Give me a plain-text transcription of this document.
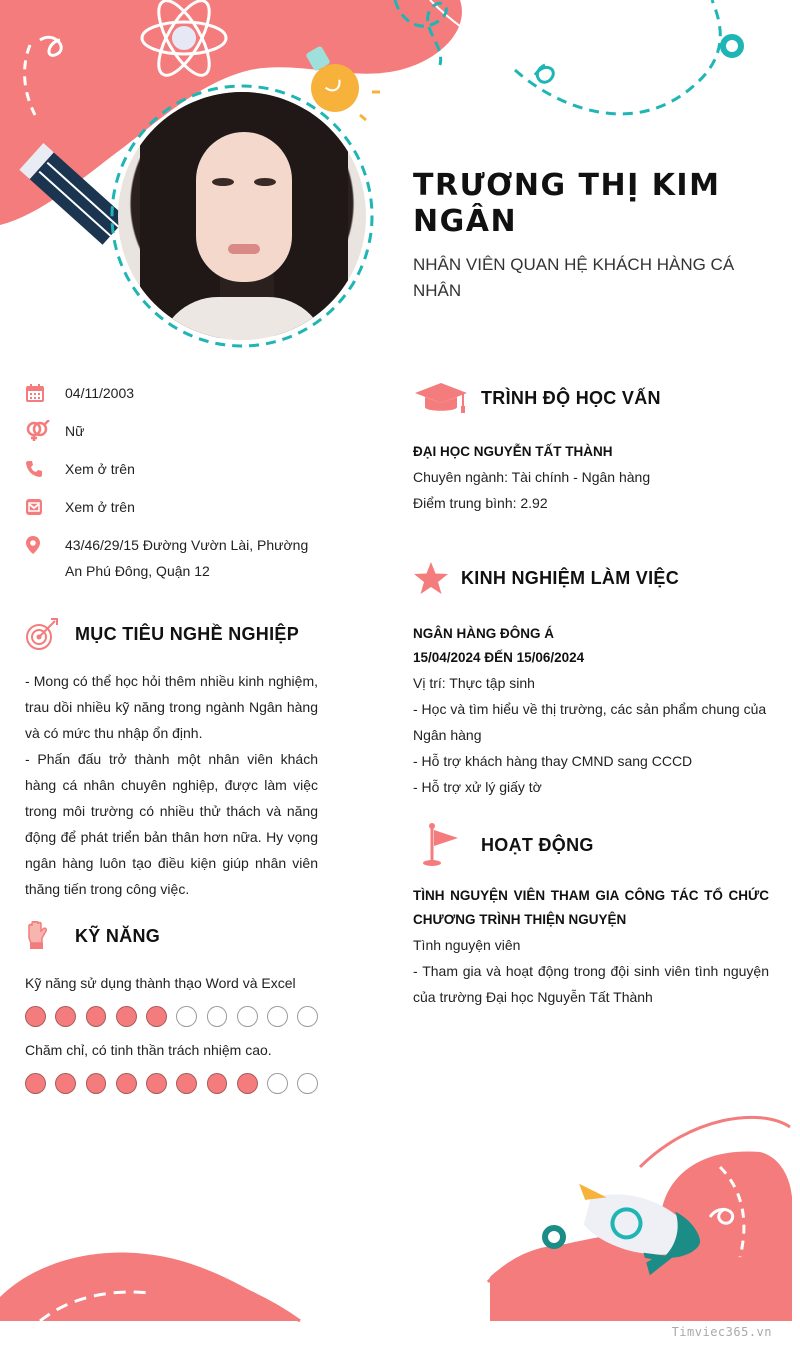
TRƯƠNG THỊ KIM NGÂN
NHÂN VIÊN QUAN HỆ KHÁCH HÀNG CÁ NHÂN
04/11/2003
Nữ
Xem ở trên
Xem ở trên
43/46/29/15 Đường Vườn Lài, Phường An Phú Đông, Quận 12
MỤC TIÊU NGHỀ NGHIỆP

- Mong có thể học hỏi thêm nhiều kinh nghiệm, trau dồi nhiều kỹ năng trong ngành Ngân hàng và có mức thu nhập ổn định.

- Phấn đấu trở thành một nhân viên khách hàng cá nhân chuyên nghiệp, được làm việc trong môi trường có nhiều thử thách và năng động để phát triển bản thân hơn nữa. Hy vọng ngân hàng luôn tạo điều kiện giúp nhân viên thăng tiến trong công việc.

KỸ NĂNG
Kỹ năng sử dụng thành thạo Word và Excel
Chăm chỉ, có tinh thần trách nhiệm cao.
TRÌNH ĐỘ HỌC VẤN
ĐẠI HỌC NGUYỄN TẤT THÀNH
Chuyên ngành: Tài chính - Ngân hàng
Điểm trung bình: 2.92
KINH NGHIỆM LÀM VIỆC
NGÂN HÀNG ĐÔNG Á
15/04/2024 ĐẾN 15/06/2024
Vị trí: Thực tập sinh
- Học và tìm hiểu về thị trường, các sản phẩm chung của Ngân hàng
- Hỗ trợ khách hàng thay CMND sang CCCD
- Hỗ trợ xử lý giấy tờ
HOẠT ĐỘNG
TÌNH NGUYỆN VIÊN THAM GIA CÔNG TÁC TỔ CHỨC CHƯƠNG TRÌNH THIỆN NGUYỆN
Tình nguyện viên
- Tham gia và hoạt động trong đội sinh viên tình nguyện của trường Đại học Nguyễn Tất Thành
Timviec365.vn
